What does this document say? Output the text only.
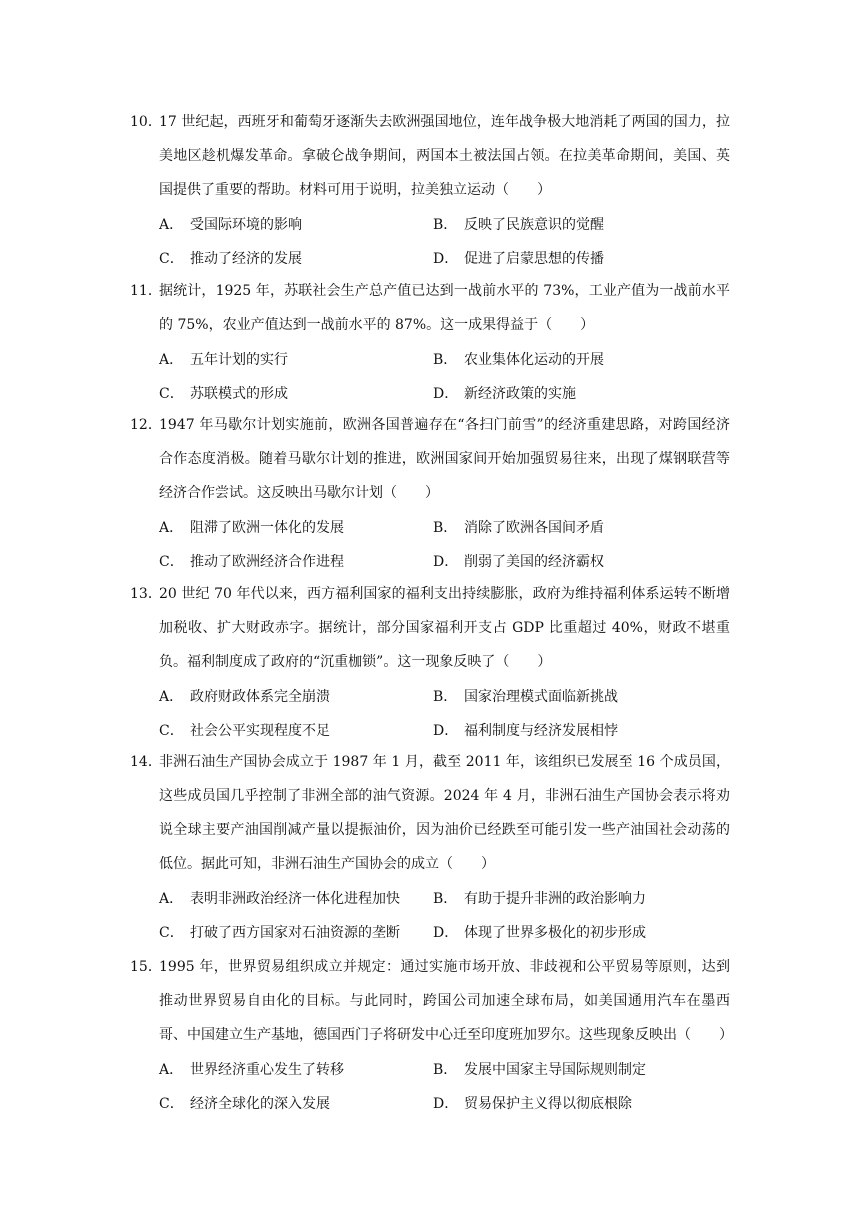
10．
17 世纪起，西班牙和葡萄牙逐渐失去欧洲强国地位，连年战争极大地消耗了两国的国力，拉美地区趁机爆发革命。拿破仑战争期间，两国本土被法国占领。在拉美革命期间，美国、英国提供了重要的帮助。材料可用于说明，拉美独立运动（　　）
A． 受国际环境的影响	B． 反映了民族意识的觉醒
C． 推动了经济的发展	D． 促进了启蒙思想的传播
11．
据统计，1925 年，苏联社会生产总产值已达到一战前水平的 73%，工业产值为一战前水平的 75%，农业产值达到一战前水平的 87%。这一成果得益于（　　）
A． 五年计划的实行	B． 农业集体化运动的开展
C． 苏联模式的形成	D． 新经济政策的实施
12．
1947 年马歇尔计划实施前，欧洲各国普遍存在“各扫门前雪”的经济重建思路，对跨国经济合作态度消极。随着马歇尔计划的推进，欧洲国家间开始加强贸易往来，出现了煤钢联营等经济合作尝试。这反映出马歇尔计划（　　）
A． 阻滞了欧洲一体化的发展	B． 消除了欧洲各国间矛盾
C． 推动了欧洲经济合作进程	D． 削弱了美国的经济霸权
13．
20 世纪 70 年代以来，西方福利国家的福利支出持续膨胀，政府为维持福利体系运转不断增加税收、扩大财政赤字。据统计，部分国家福利开支占 GDP 比重超过 40%，财政不堪重负。福利制度成了政府的“沉重枷锁”。这一现象反映了（　　）
A． 政府财政体系完全崩溃	B． 国家治理模式面临新挑战
C． 社会公平实现程度不足	D． 福利制度与经济发展相悖
14．
非洲石油生产国协会成立于 1987 年 1 月，截至 2011 年，该组织已发展至 16 个成员国，这些成员国几乎控制了非洲全部的油气资源。2024 年 4 月，非洲石油生产国协会表示将劝说全球主要产油国削减产量以提振油价，因为油价已经跌至可能引发一些产油国社会动荡的低位。据此可知，非洲石油生产国协会的成立（　　）
A． 表明非洲政治经济一体化进程加快 B． 有助于提升非洲的政治影响力
C． 打破了西方国家对石油资源的垄断 D． 体现了世界多极化的初步形成
15．
1995 年，世界贸易组织成立并规定：通过实施市场开放、非歧视和公平贸易等原则，达到推动世界贸易自由化的目标。与此同时，跨国公司加速全球布局，如美国通用汽车在墨西哥、中国建立生产基地，德国西门子将研发中心迁至印度班加罗尔。这些现象反映出（　　）
A． 世界经济重心发生了转移	B． 发展中国家主导国际规则制定
C． 经济全球化的深入发展	D． 贸易保护主义得以彻底根除
